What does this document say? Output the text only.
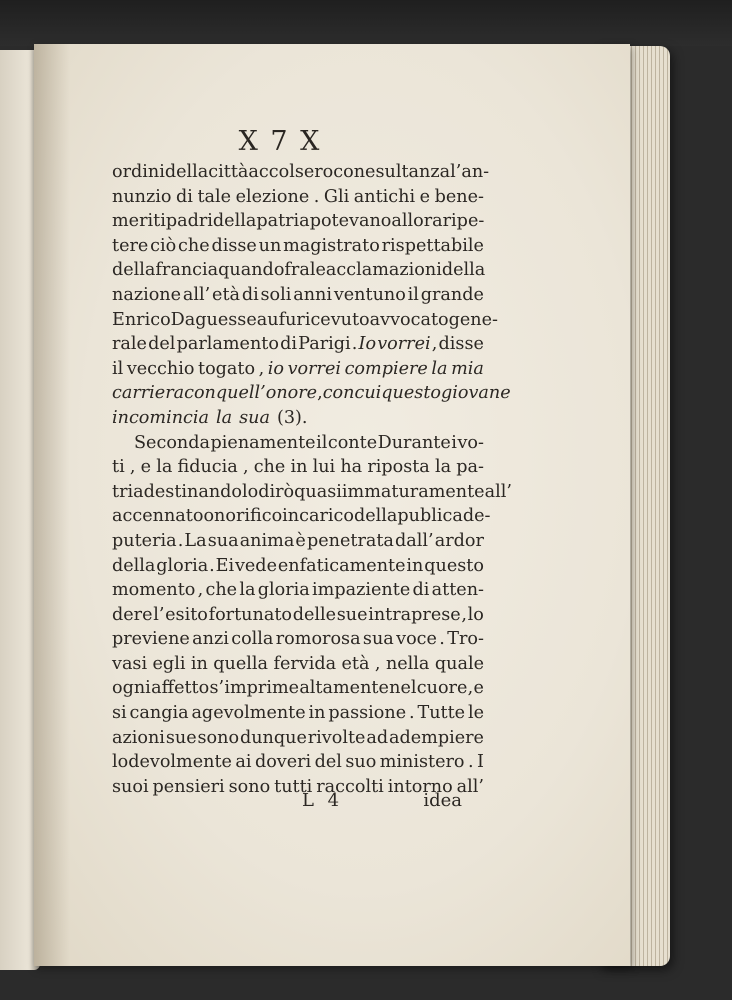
X 7 X
ordini della città accolsero con esultanza l’an-
nunzio di tale elezione . Gli antichi e bene-
meriti padri della patria potevano allora ripe-
tere ciò che disse un magistrato rispettabile
della francia quando fra le acclamazioni della
nazione all’ età di soli anni ventuno il grande
Enrico Daguesseau fu ricevuto avvocato gene-
rale del parlamento di Parigi . Io vorrei , disse
il vecchio togato , io vorrei compiere la mia
carriera con quell’ onore , con cui questo giovane
incomincia la sua (3).
Seconda pienamente il conte Durante i vo-
ti , e la fiducia , che in lui ha riposta la pa-
tria destinandolo dirò quasi immaturamente all’
accennato onorifico incarico della publica de-
puteria . La sua anima è penetrata dall’ ardor
della gloria . Ei vede enfaticamente in questo
momento , che la gloria impaziente di atten-
dere l’ esito fortunato delle sue intraprese , lo
previene anzi colla romorosa sua voce . Tro-
vasi egli in quella fervida età , nella quale
ogni affetto s’ imprime altamente nel cuore , e
si cangia agevolmente in passione . Tutte le
azioni sue sono dunque rivolte ad adempiere
lodevolmente ai doveri del suo ministero . I
suoi pensieri sono tutti raccolti intorno all’
L 4	idea
